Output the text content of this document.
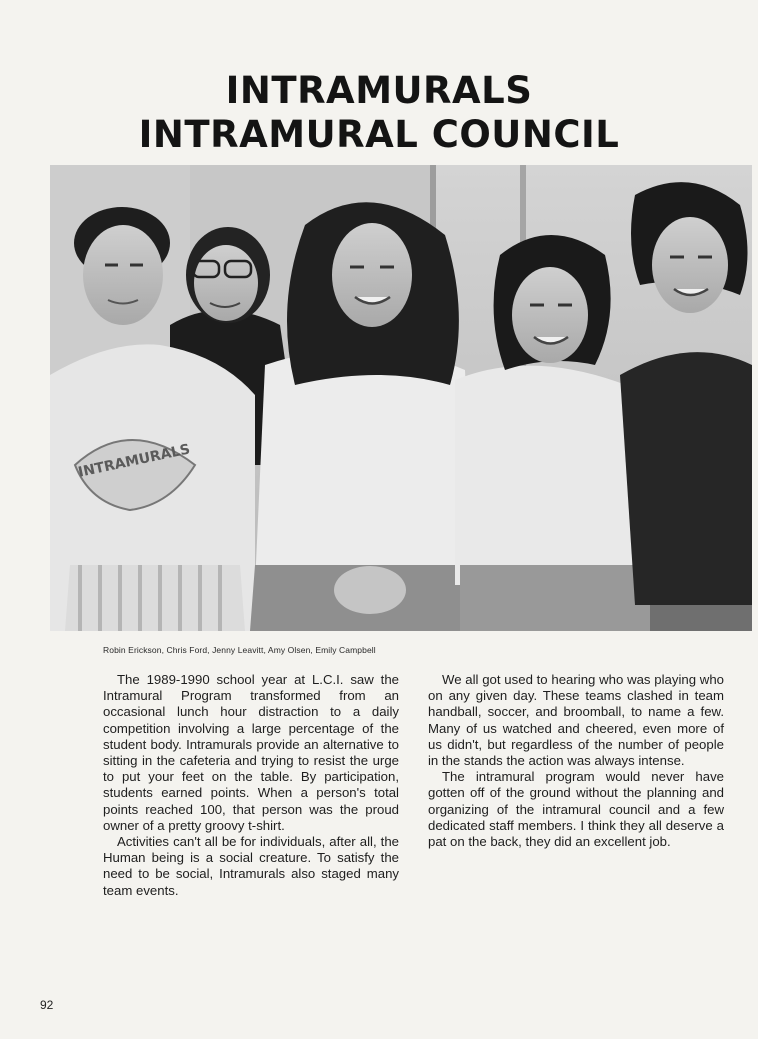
INTRAMURALS
INTRAMURAL COUNCIL
INTRAMURALS
Robin Erickson, Chris Ford, Jenny Leavitt, Amy Olsen, Emily Campbell

The 1989-1990 school year at L.C.I. saw the Intramural Program transformed from an occasional lunch hour distraction to a daily competition involving a large percentage of the student body. Intramurals provide an alternative to sitting in the cafeteria and trying to resist the urge to put your feet on the table. By participation, students earned points. When a person's total points reached 100, that person was the proud owner of a pretty groovy t-shirt.

Activities can't all be for individuals, after all, the Human being is a social creature. To satisfy the need to be social, Intramurals also staged many team events.

We all got used to hearing who was playing who on any given day. These teams clashed in team handball, soccer, and broomball, to name a few. Many of us watched and cheered, even more of us didn't, but regardless of the number of people in the stands the action was always intense.

The intramural program would never have gotten off of the ground without the planning and organizing of the intramural council and a few dedicated staff members. I think they all deserve a pat on the back, they did an excellent job.

92
